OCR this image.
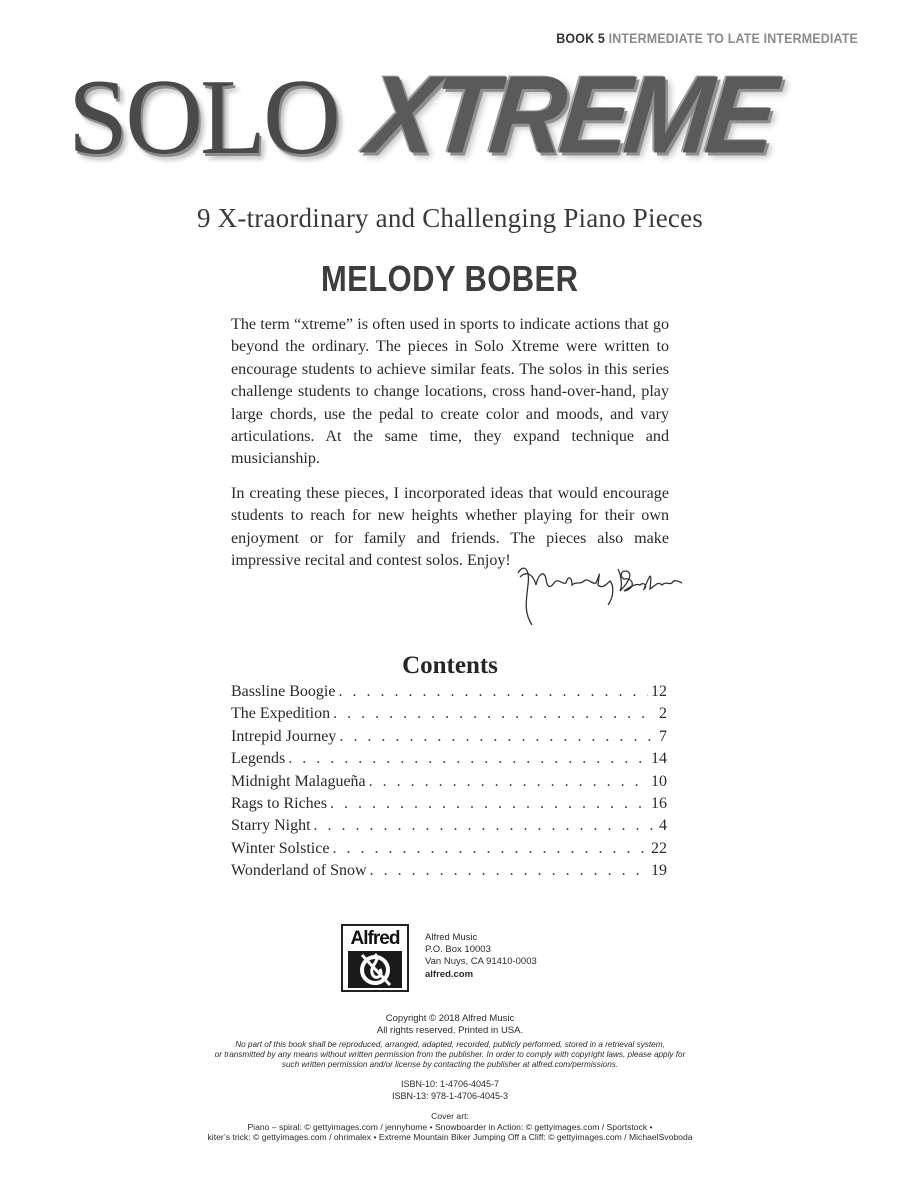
BOOK 5 INTERMEDIATE TO LATE INTERMEDIATE
SOLO XTREME
9 X-traordinary and Challenging Piano Pieces
MELODY BOBER

The term “xtreme” is often used in sports to indicate actions that go beyond the ordinary. The pieces in Solo Xtreme were written to encourage students to achieve similar feats. The solos in this series challenge students to change locations, cross hand-over-hand, play large chords, use the pedal to create color and moods, and vary articulations. At the same time, they expand technique and musicianship.

In creating these pieces, I incorporated ideas that would encourage students to reach for new heights whether playing for their own enjoyment or for family and friends. The pieces also make impressive recital and contest solos. Enjoy!

Contents
Bassline Boogie . . .	12
The Expedition . . .	2
Intrepid Journey . . .	7
Legends . . .	14
Midnight Malagueña . . .	10
Rags to Riches . . .	16
Starry Night . . .	4
Winter Solstice . . .	22
Wonderland of Snow . . .	19
Alfred	Alfred Music
P.O. Box 10003
Van Nuys, CA 91410-0003
alfred.com
Copyright © 2018 Alfred Music
All rights reserved. Printed in USA.
No part of this book shall be reproduced, arranged, adapted, recorded, publicly performed, stored in a retrieval system,
or transmitted by any means without written permission from the publisher. In order to comply with copyright laws, please apply for
such written permission and/or license by contacting the publisher at alfred.com/permissions.
ISBN-10: 1-4706-4045-7
ISBN-13: 978-1-4706-4045-3
Cover art:
Piano – spiral: © gettyimages.com / jennyhome • Snowboarder in Action: © gettyimages.com / Sportstock •
kiter’s trick: © gettyimages.com / ohrimalex • Extreme Mountain Biker Jumping Off a Cliff: © gettyimages.com / MichaelSvoboda
